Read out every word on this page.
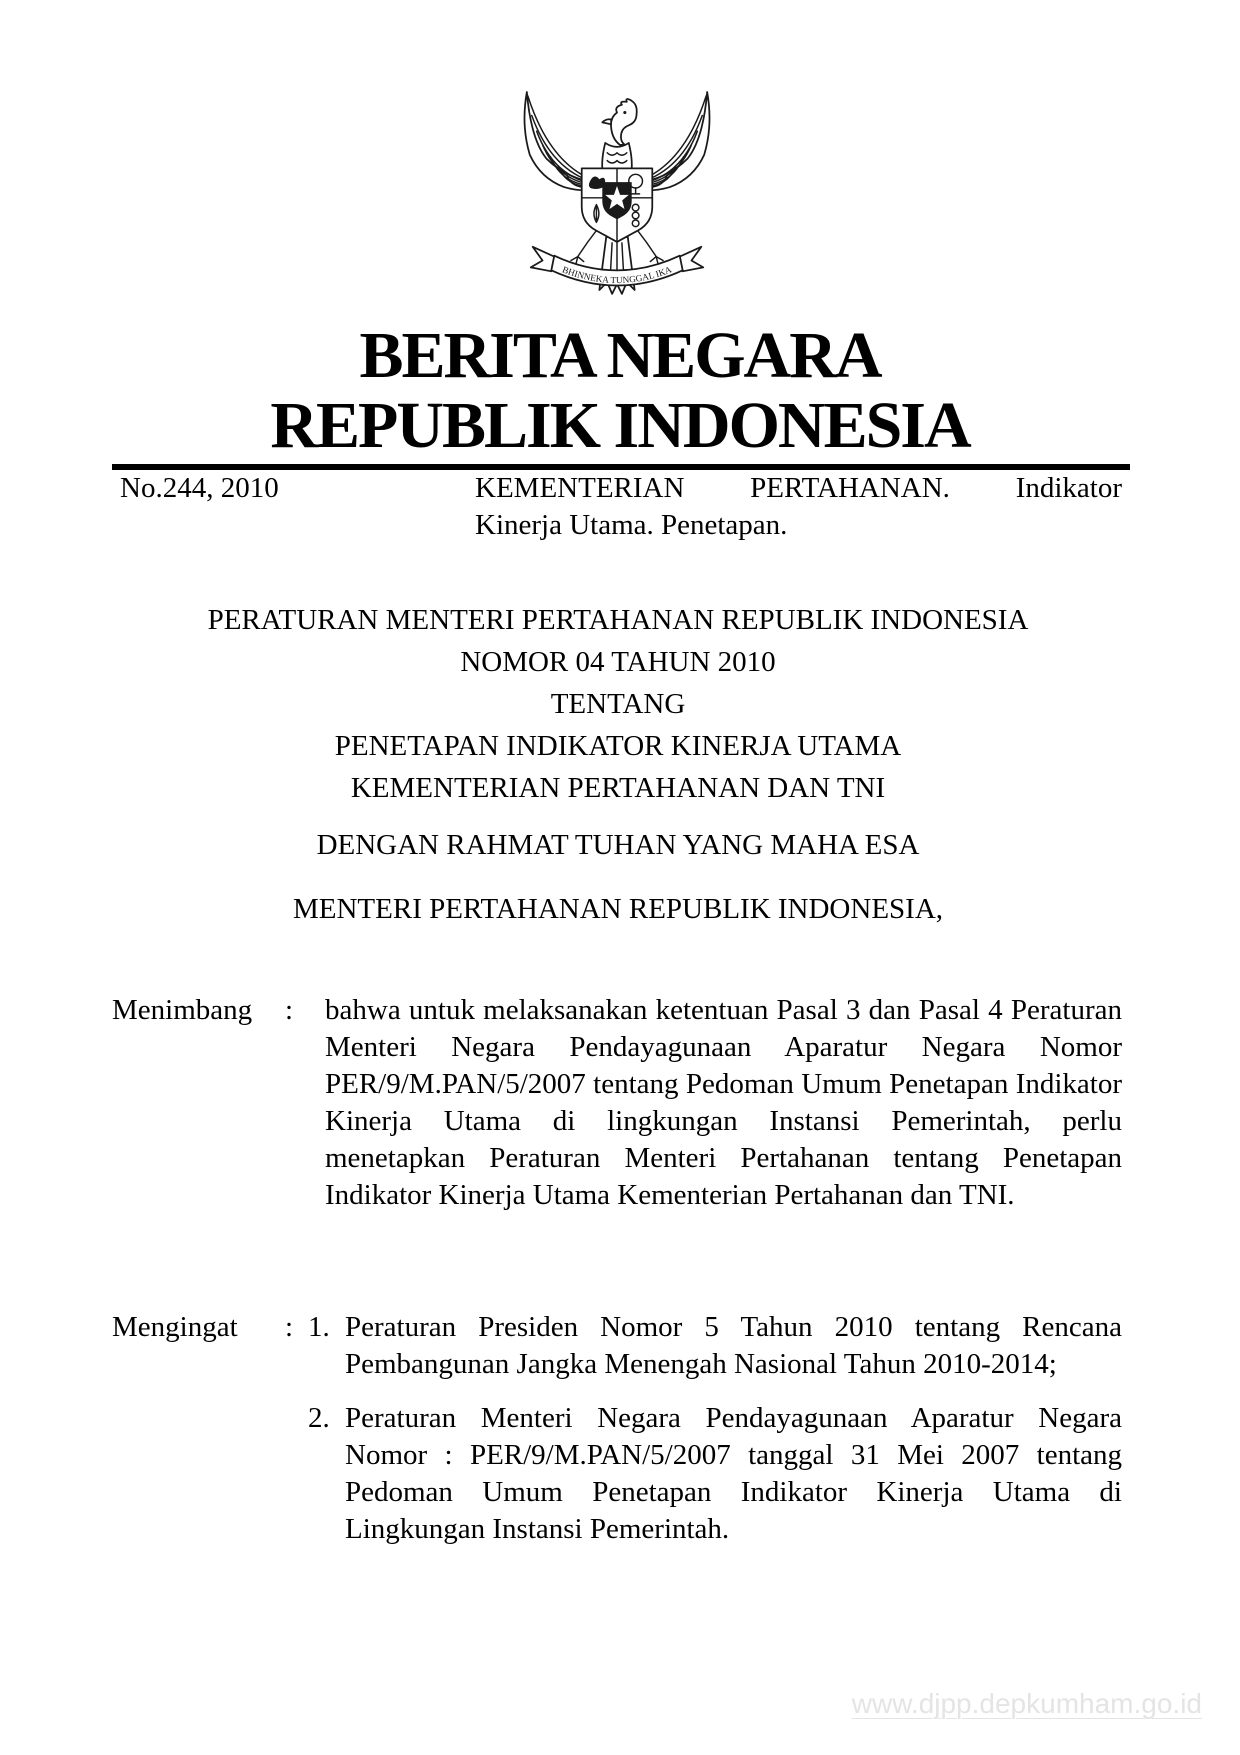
BHINNEKA TUNGGAL IKA
BERITA NEGARA
REPUBLIK INDONESIA
No.244, 2010	KEMENTERIAN PERTAHANAN. Indikator
Kinerja Utama. Penetapan.
PERATURAN MENTERI PERTAHANAN REPUBLIK INDONESIA
NOMOR 04 TAHUN 2010
TENTANG
PENETAPAN INDIKATOR KINERJA UTAMA
KEMENTERIAN PERTAHANAN DAN TNI
DENGAN RAHMAT TUHAN YANG MAHA ESA
MENTERI PERTAHANAN REPUBLIK INDONESIA,
Menimbang	:	bahwa untuk melaksanakan ketentuan Pasal 3 dan Pasal 4 Peraturan Menteri Negara Pendayagunaan Aparatur Negara Nomor PER/9/M.PAN/5/2007 tentang Pedoman Umum Penetapan Indikator Kinerja Utama di lingkungan Instansi Pemerintah, perlu menetapkan Peraturan Menteri Pertahanan tentang Penetapan Indikator Kinerja Utama Kementerian Pertahanan dan TNI.
Mengingat	: 1. Peraturan Presiden Nomor 5 Tahun 2010 tentang Rencana Pembangunan Jangka Menengah Nasional Tahun 2010-2014;
2. Peraturan Menteri Negara Pendayagunaan Aparatur Negara Nomor : PER/9/M.PAN/5/2007 tanggal 31 Mei 2007 tentang Pedoman Umum Penetapan Indikator Kinerja Utama di Lingkungan Instansi Pemerintah.
www.djpp.depkumham.go.id
